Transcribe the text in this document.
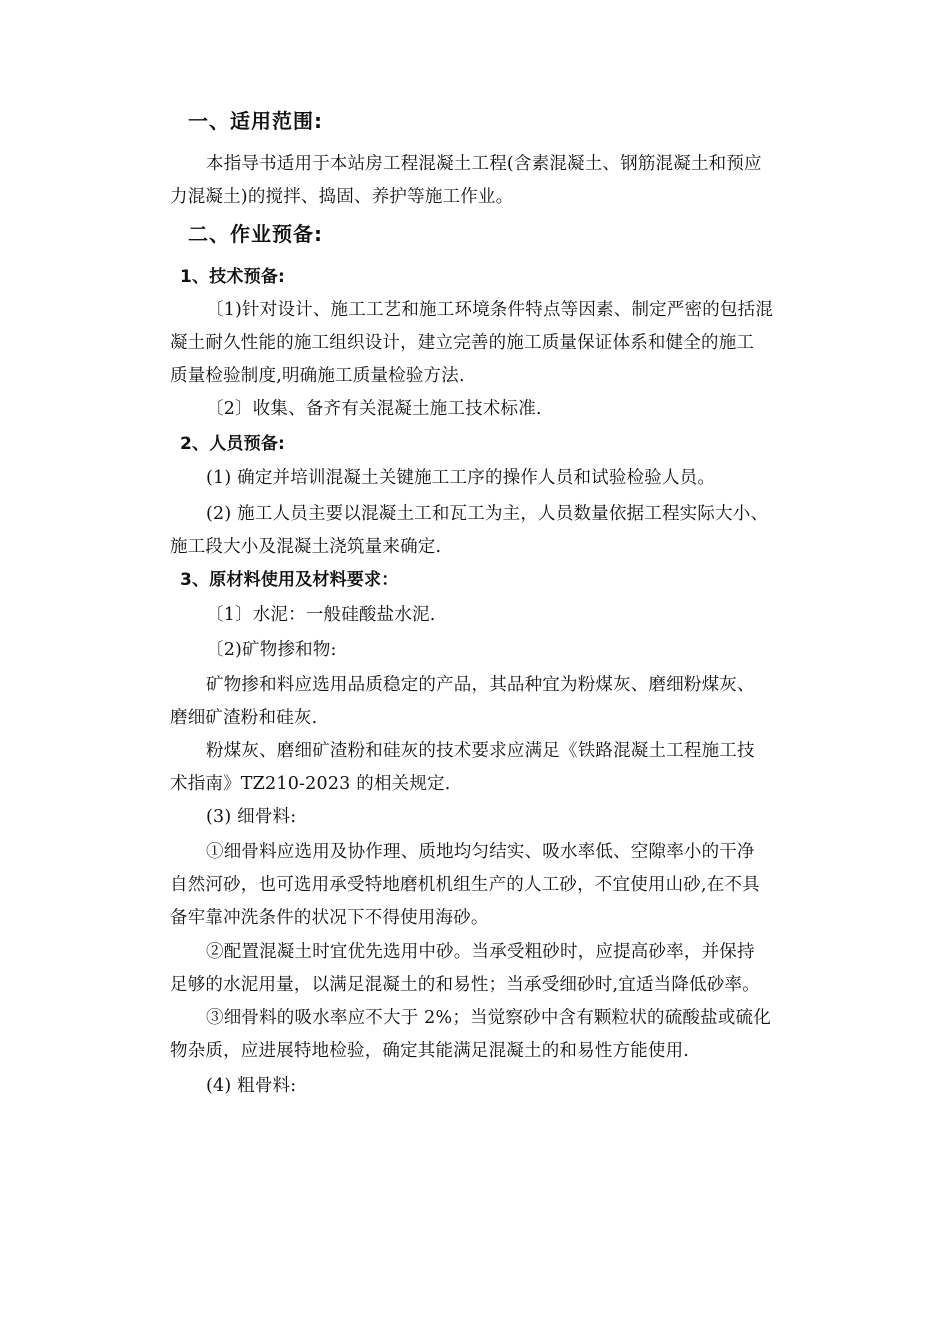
一、适用范围:
本指导书适用于本站房工程混凝土工程(含素混凝土、钢筋混凝土和预应
力混凝土)的搅拌、捣固、养护等施工作业。
二、作业预备:
1、技术预备:
〔1)针对设计、施工工艺和施工环境条件特点等因素、制定严密的包括混
凝土耐久性能的施工组织设计，建立完善的施工质量保证体系和健全的施工
质量检验制度,明确施工质量检验方法.
〔2〕收集、备齐有关混凝土施工技术标准.
2、人员预备:
(1) 确定并培训混凝土关键施工工序的操作人员和试验检验人员。
(2) 施工人员主要以混凝土工和瓦工为主，人员数量依据工程实际大小、
施工段大小及混凝土浇筑量来确定.
3、原材料使用及材料要求：
〔1〕水泥：一般硅酸盐水泥.
〔2)矿物掺和物:
矿物掺和料应选用品质稳定的产品，其品种宜为粉煤灰、磨细粉煤灰、
磨细矿渣粉和硅灰.
粉煤灰、磨细矿渣粉和硅灰的技术要求应满足《铁路混凝土工程施工技
术指南》TZ210-2023 的相关规定.
(3) 细骨料:
①细骨料应选用及协作理、质地均匀结实、吸水率低、空隙率小的干净
自然河砂，也可选用承受特地磨机机组生产的人工砂，不宜使用山砂,在不具
备牢靠冲洗条件的状况下不得使用海砂。
②配置混凝土时宜优先选用中砂。当承受粗砂时，应提高砂率，并保持
足够的水泥用量，以满足混凝土的和易性；当承受细砂时,宜适当降低砂率。
③细骨料的吸水率应不大于 2%；当觉察砂中含有颗粒状的硫酸盐或硫化
物杂质，应进展特地检验，确定其能满足混凝土的和易性方能使用.
(4) 粗骨料:
